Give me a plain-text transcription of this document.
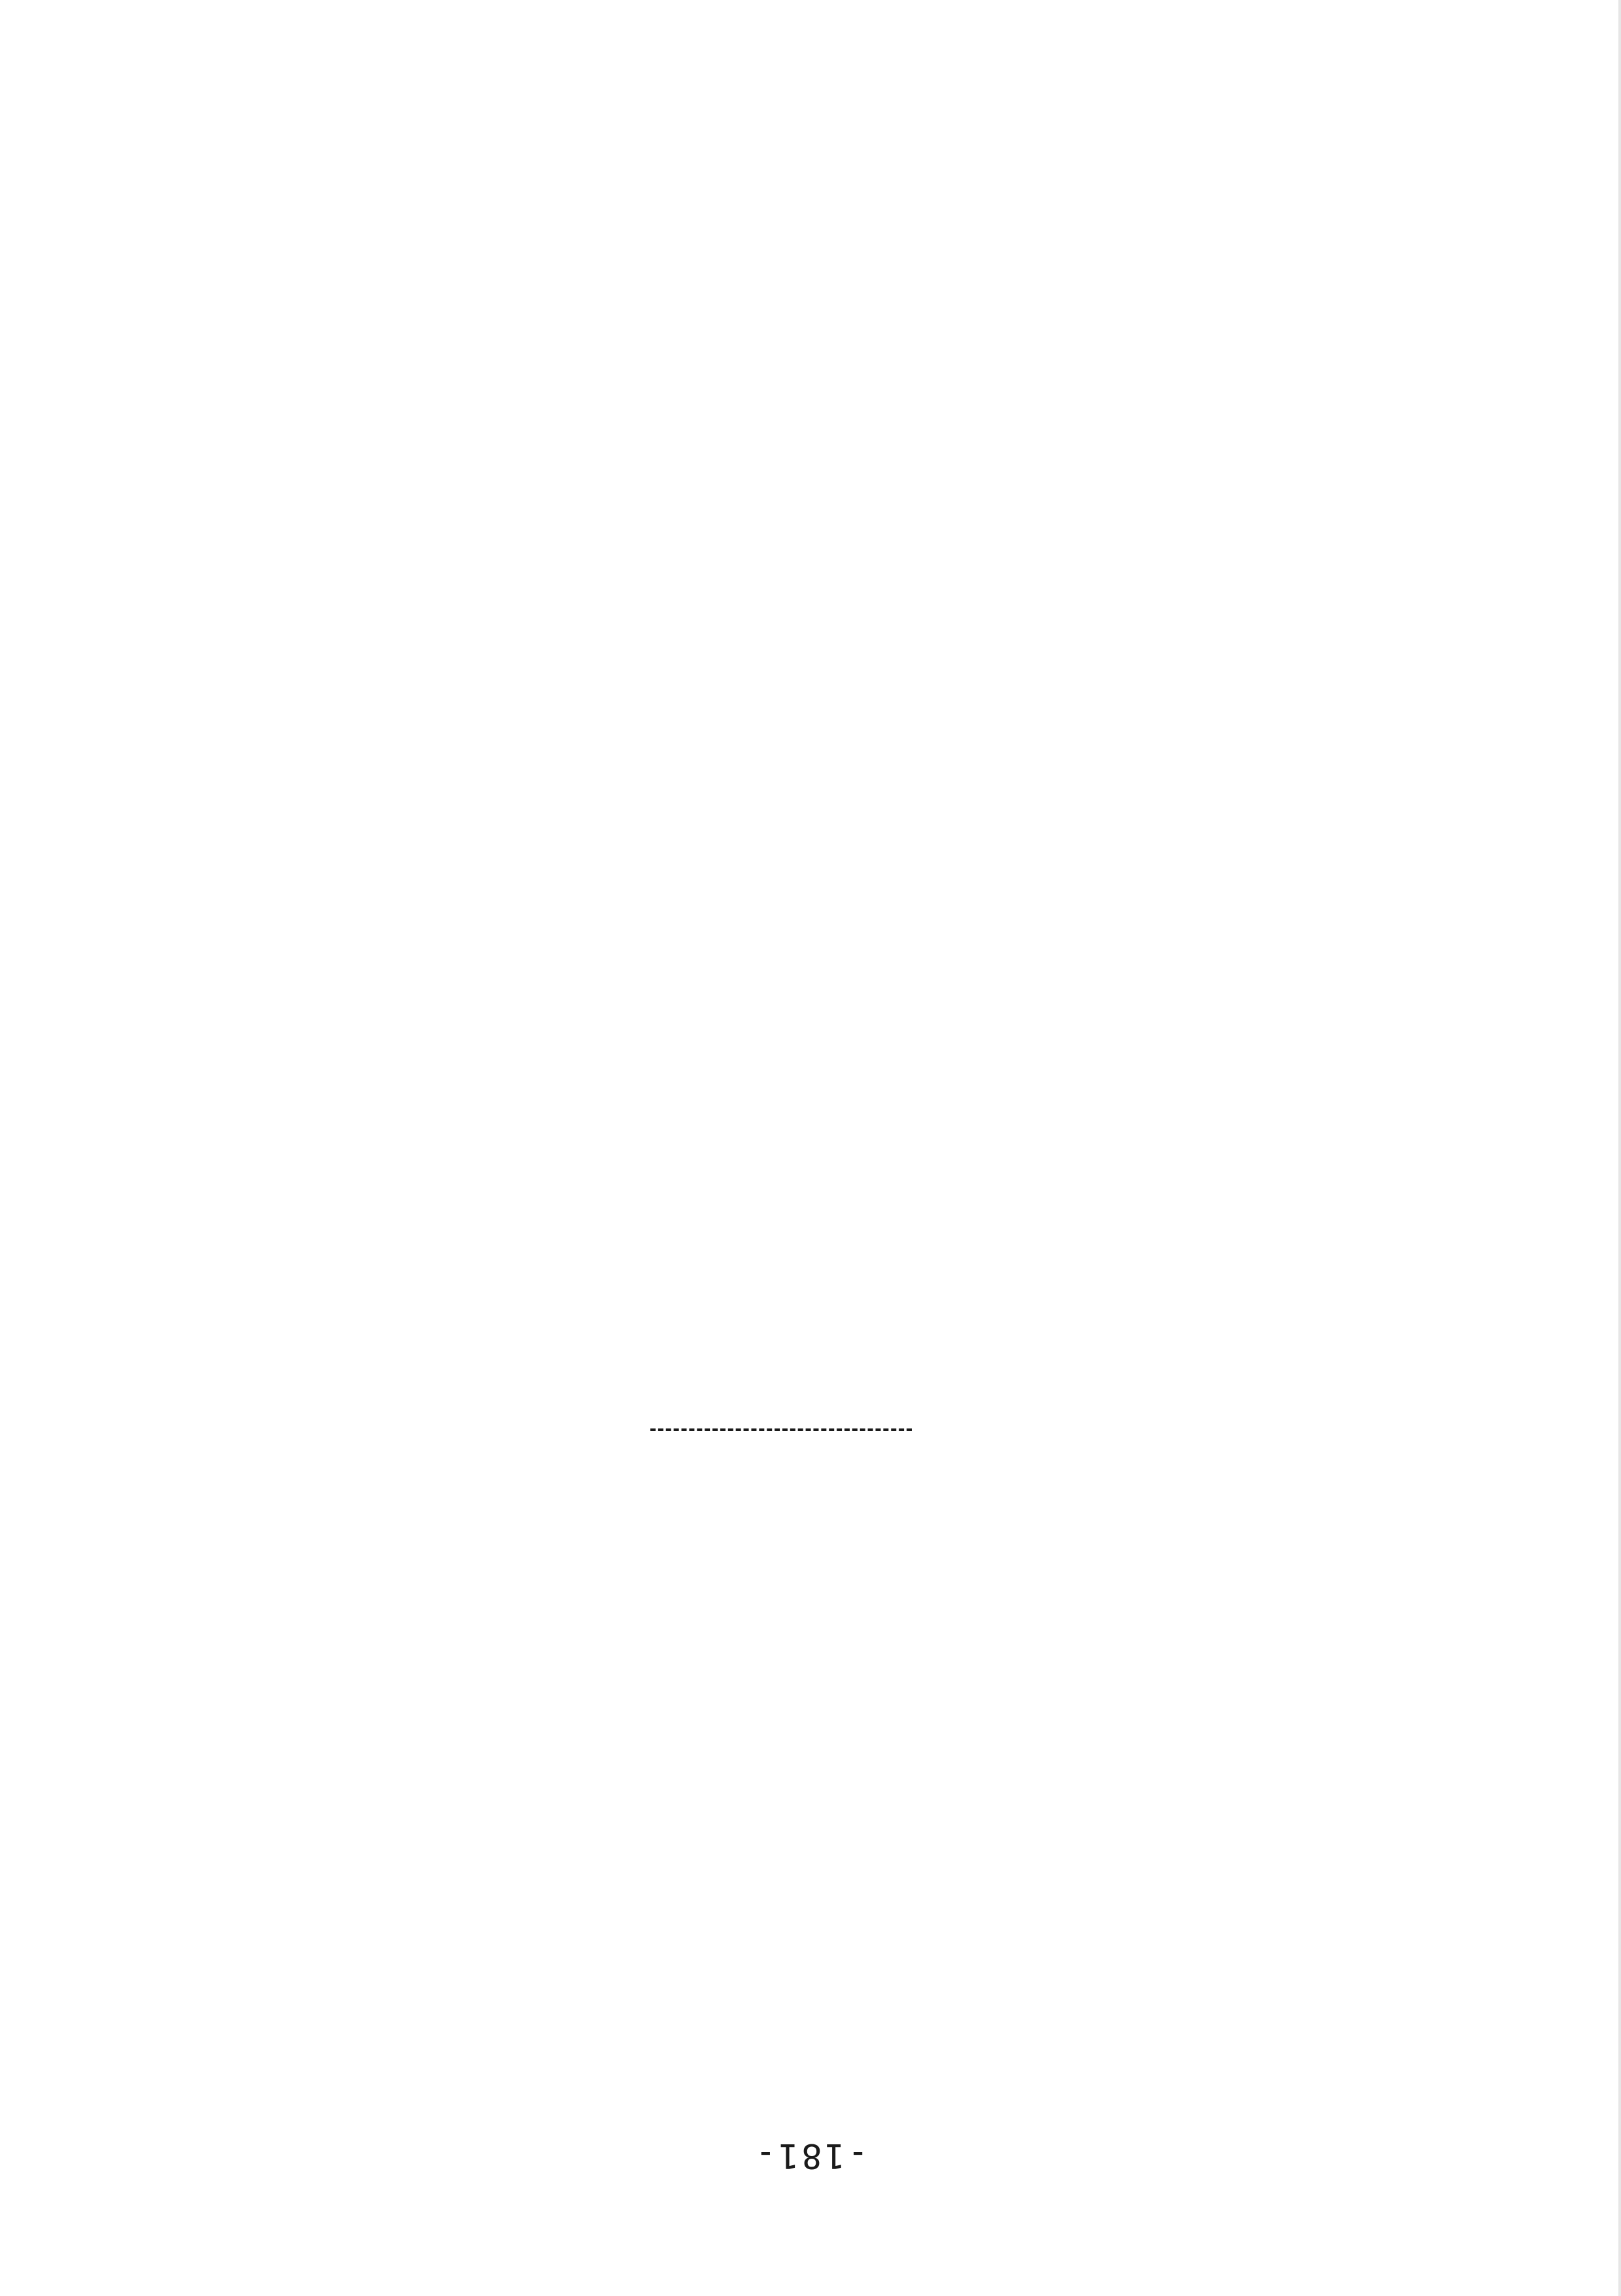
-181-
